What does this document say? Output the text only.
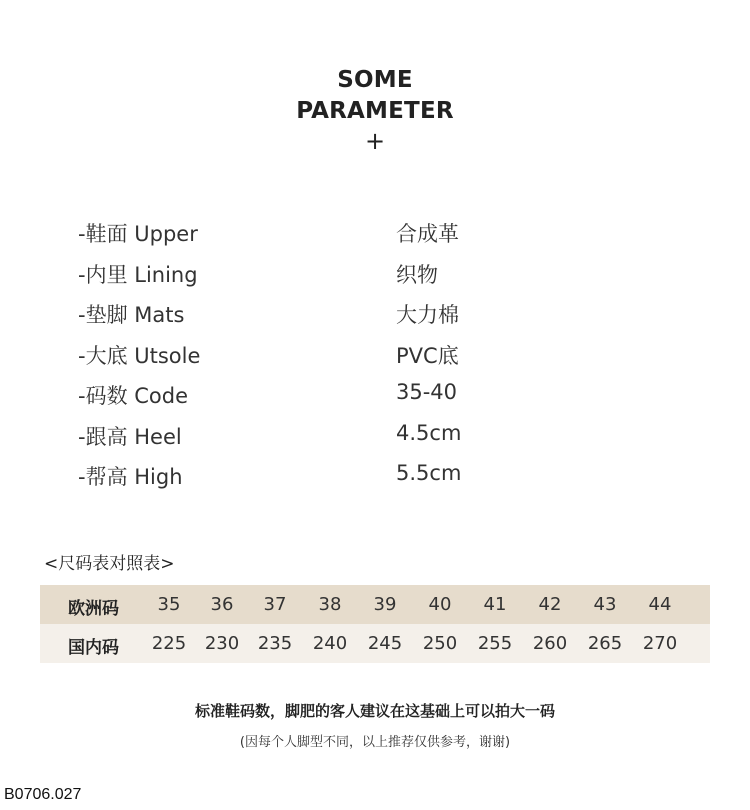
SOME
PARAMETER
+
-鞋面 Upper	合成革
-内里 Lining	织物
-垫脚 Mats	大力棉
-大底 Utsole	PVC底
-码数 Code	35-40
-跟高 Heel	4.5cm
-帮高 High	5.5cm
<尺码表对照表>
欧洲码	35	36	37	38	39	40	41	42	43	44
国内码	225	230	235	240	245	250	255	260	265	270
标准鞋码数，脚肥的客人建议在这基础上可以拍大一码
(因每个人脚型不同，以上推荐仅供参考，谢谢)
B0706.027
